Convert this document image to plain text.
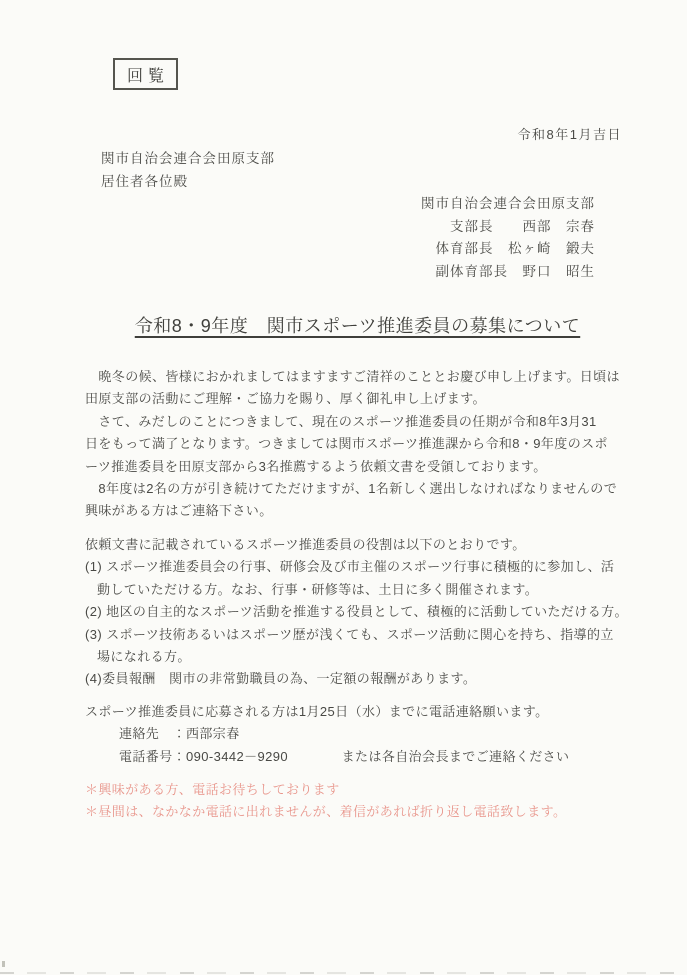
回覧
令和8年1月吉日
関市自治会連合会田原支部
居住者各位殿
関市自治会連合会田原支部
支部長　　西部　宗春
体育部長　松ヶ崎　鍛夫
副体育部長　野口　昭生
令和8・9年度　関市スポーツ推進委員の募集について
　晩冬の候、皆様におかれましてはますますご清祥のこととお慶び申し上げます。日頃は
田原支部の活動にご理解・ご協力を賜り、厚く御礼申し上げます。
　さて、みだしのことにつきまして、現在のスポーツ推進委員の任期が令和8年3月31
日をもって満了となります。つきましては関市スポーツ推進課から令和8・9年度のスポ
ーツ推進委員を田原支部から3名推薦するよう依頼文書を受領しております。
　8年度は2名の方が引き続けてただけますが、1名新しく選出しなければなりませんので
興味がある方はご連絡下さい。
依頼文書に記載されているスポーツ推進委員の役割は以下のとおりです。
(1) スポーツ推進委員会の行事、研修会及び市主催のスポーツ行事に積極的に参加し、活
動していただける方。なお、行事・研修等は、土日に多く開催されます。
(2) 地区の自主的なスポーツ活動を推進する役員として、積極的に活動していただける方。
(3) スポーツ技術あるいはスポーツ歴が浅くても、スポーツ活動に関心を持ち、指導的立
場になれる方。
(4)委員報酬　関市の非常勤職員の為、一定額の報酬があります。
スポーツ推進委員に応募される方は1月25日（水）までに電話連絡願います。
連絡先　：西部宗春
電話番号：090-3442－9290　　　　または各自治会長までご連絡ください
＊興味がある方、電話お待ちしております
＊昼間は、なかなか電話に出れませんが、着信があれば折り返し電話致します。
